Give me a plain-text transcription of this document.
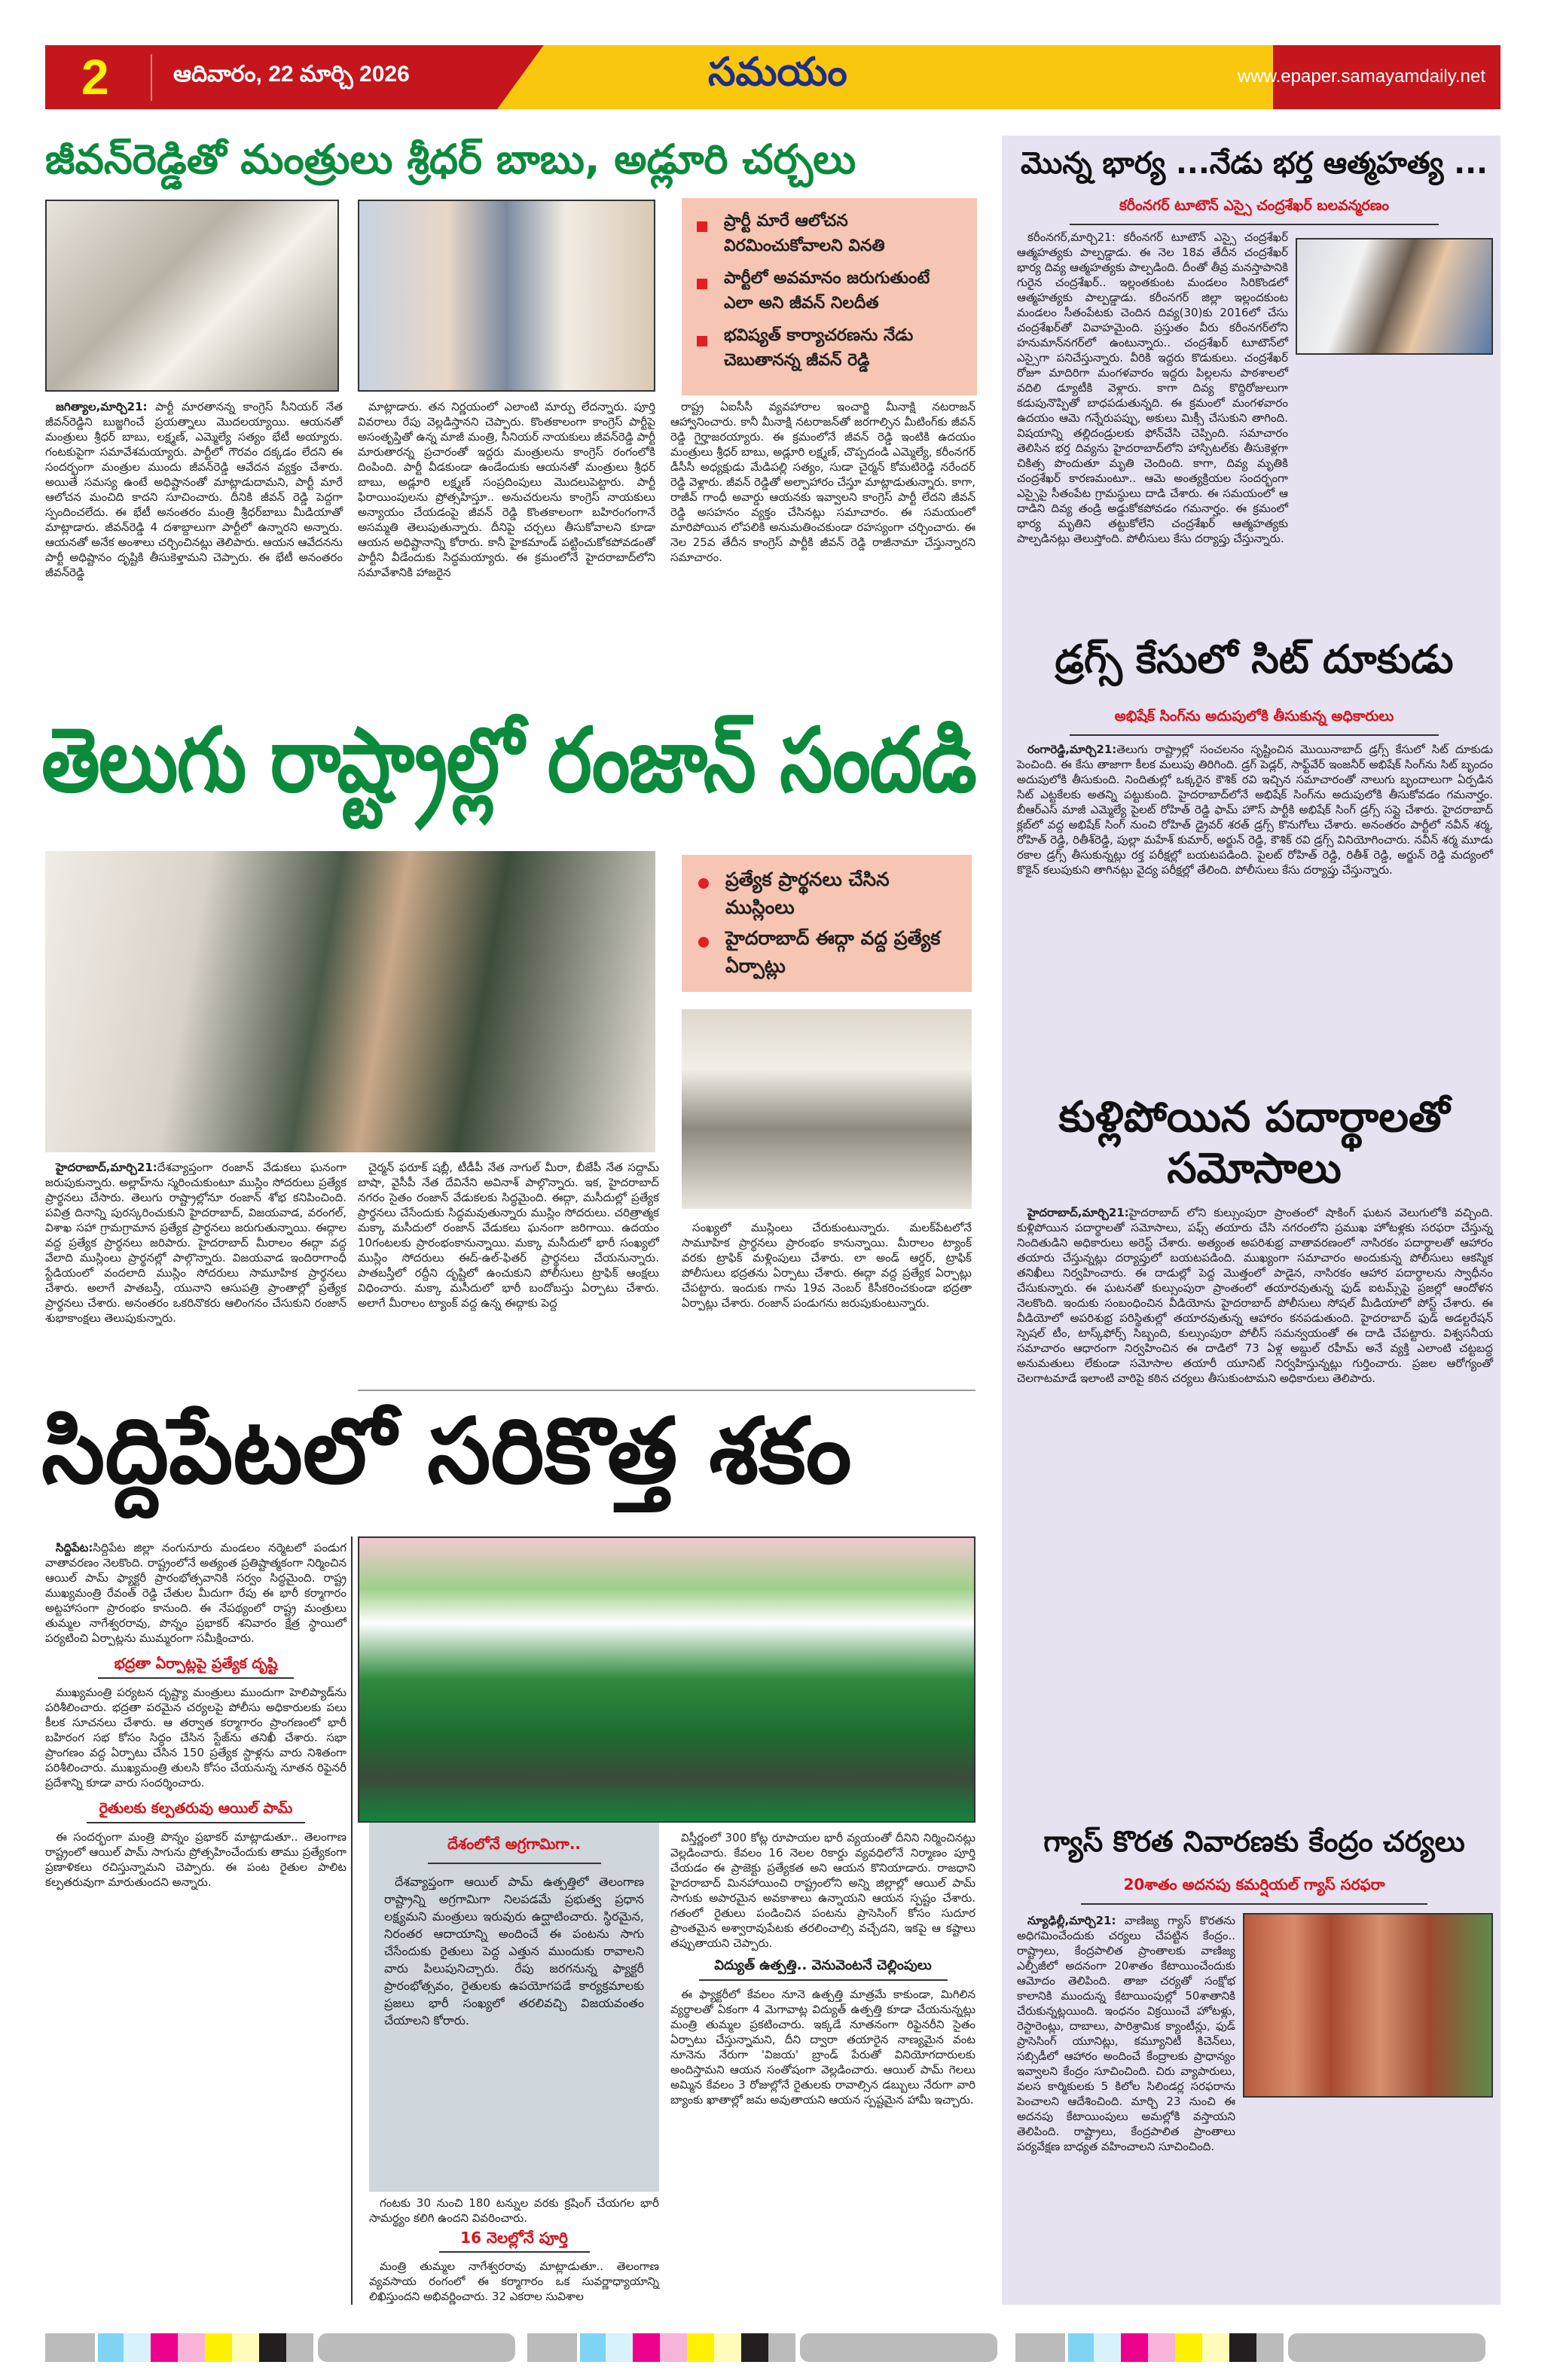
2	ఆదివారం, 22 మార్చి 2026	సమయం	www.epaper.samayamdaily.net
జీవన్‌రెడ్డితో మంత్రులు శ్రీధర్ బాబు, అడ్లూరి చర్చలు
ప్రార్టీ మారే ఆలోచన విరమించుకోవాలని వినతి
పార్టీలో అవమానం జరుగుతుంటే ఎలా అని జీవన్ నిలదీత
భవిష్యత్ కార్యాచరణను నేడు చెబుతానన్న జీవన్ రెడ్డి

జగిత్యాల,మార్చి21: పార్టీ మారతానన్న కాంగ్రెస్ సీనియర్ నేత జీవన్‌రెడ్డిని బుజ్జగించే ప్రయత్నాలు మొదలయ్యాయి. ఆయనతో మంత్రులు శ్రీధర్ బాబు, లక్ష్మణ్, ఎమ్మెల్యే సత్యం భేటీ అయ్యారు. గంటకుపైగా సమావేశమయ్యారు. పార్టీలో గౌరవం దక్కడం లేదని ఈ సందర్భంగా మంత్రుల ముందు జీవన్‌రెడ్డి ఆవేదన వ్యక్తం చేశారు. అయితే సమస్య ఉంటే అధిష్టానంతో మాట్లాడుదామని, పార్టీ మారే ఆలోచన మంచిది కాదని సూచించారు. దీనికి జీవన్ రెడ్డి పెద్దగా స్పందించలేదు. ఈ భేటీ అనంతరం మంత్రి శ్రీధర్‌బాబు మీడియాతో మాట్లాడారు. జీవన్‌రెడ్డి 4 దశాబ్దాలుగా పార్టీలో ఉన్నారని అన్నారు. ఆయనతో అనేక అంశాలు చర్చించినట్లు తెలిపారు. ఆయన ఆవేదనను పార్టీ అధిష్టానం దృష్టికి తీసుకెళ్తామని చెప్పారు. ఈ భేటీ అనంతరం జీవన్‌రెడ్డి

మాట్లాడారు. తన నిర్ణయంలో ఎలాంటి మార్పు లేదన్నారు. పూర్తి వివరాలు రేపు వెల్లడిస్తానని చెప్పారు. కొంతకాలంగా కాంగ్రెస్ పార్టీపై అసంతృప్తితో ఉన్న మాజీ మంత్రి, సీనియర్ నాయకులు జీవన్‌రెడ్డి పార్టీ మారుతారన్న ప్రచారంతో ఇద్దరు మంత్రులను కాంగ్రెస్ రంగంలోకి దింపింది. పార్టీ వీడకుండా ఉండేందుకు ఆయనతో మంత్రులు శ్రీధర్ బాబు, అడ్లూరి లక్ష్మణ్ సంప్రదింపులు మొదలుపెట్టారు. పార్టీ ఫిరాయింపులను ప్రోత్సహిస్తూ.. అనుచరులను కాంగ్రెస్ నాయకులు అన్యాయం చేయడంపై జీవన్ రెడ్డి కొంతకాలంగా బహిరంగంగానే అసమ్మతి తెలుపుతున్నారు. దీనిపై చర్చలు తీసుకోవాలని కూడా ఆయన అధిష్టానాన్ని కోరారు. కానీ హైకమాండ్ పట్టించుకోకపోవడంతో పార్టీని వీడేందుకు సిద్ధమయ్యారు. ఈ క్రమంలోనే హైదరాబాద్‌లోని సమావేశానికి హాజరైన

రాష్ట్ర ఏఐసీసీ వ్యవహారాల ఇంచార్జి మీనాక్షి నటరాజన్ ఆహ్వానించారు. కానీ మీనాక్షి నటరాజన్‌తో జరగాల్సిన మీటింగ్‌కు జీవన్ రెడ్డి గైర్హాజరయ్యారు. ఈ క్రమంలోనే జీవన్ రెడ్డి ఇంటికి ఉదయం మంత్రులు శ్రీధర్ బాబు, అడ్లూరి లక్ష్మణ్, చొప్పదండి ఎమ్మెల్యే, కరీంనగర్ డీసీసీ అధ్యక్షుడు మేడిపల్లి సత్యం, సుడా చైర్మన్ కోమటిరెడ్డి నరేందర్ రెడ్డి వెళ్లారు. జీవన్ రెడ్డితో అల్పాహారం చేస్తూ మాట్లాడుతున్నారు. కాగా, రాజీవ్ గాంధీ అవార్డు ఆయనకు ఇవ్వాలని కాంగ్రెస్ పార్టీ లేదని జీవన్ రెడ్డి అసహనం వ్యక్తం చేసినట్లు సమాచారం. ఈ సమయంలో మారిపోయిన లోపలికి అనుమతించకుండా రహస్యంగా చర్చించారు. ఈ నెల 25వ తేదీన కాంగ్రెస్ పార్టీకి జీవన్ రెడ్డి రాజీనామా చేస్తున్నారని సమాచారం.

తెలుగు రాష్ట్రాల్లో రంజాన్ సందడి
ప్రత్యేక ప్రార్థనలు చేసిన ముస్లింలు
హైదరాబాద్ ఈద్గా వద్ద ప్రత్యేక ఏర్పాట్లు

హైదరాబాద్,మార్చి21:దేశవ్యాప్తంగా రంజాన్ వేడుకలు ఘనంగా జరుపుకున్నారు. అల్లాహ్‌ను స్మరించుకుంటూ ముస్లిం సోదరులు ప్రత్యేక ప్రార్థనలు చేసారు. తెలుగు రాష్ట్రాల్లోనూ రంజాన్ శోభ కనిపించింది. పవిత్ర దినాన్ని పురస్కరించుకుని హైదరాబాద్, విజయవాడ, వరంగల్, విశాఖ సహా గ్రామగ్రామాన ప్రత్యేక ప్రార్థనలు జరుగుతున్నాయి. ఈద్గాల వద్ద ప్రత్యేక ప్రార్థనలు జరిపారు. హైదరాబాద్ మీరాలం ఈద్గా వద్ద వేలాది ముస్లింలు ప్రార్థనల్లో పాల్గొన్నారు. విజయవాడ ఇందిరాగాంధీ స్టేడియంలో వందలాది ముస్లిం సోదరులు సామూహిక ప్రార్థనలు చేశారు. అలాగే పాతబస్తీ, యునాని ఆసుపత్రి ప్రాంతాల్లో ప్రత్యేక ప్రార్థనలు చేశారు. అనంతరం ఒకరినొకరు ఆలింగనం చేసుకుని రంజాన్ శుభాకాంక్షలు తెలుపుకున్నారు.

చైర్మన్ ఫరూక్ షబ్లీ, టీడీపీ నేత నాగుల్ మీరా, బీజేపీ నేత సద్దామ్ బాషా, వైసీపీ నేత దేవినేని అవినాశ్ పాల్గొన్నారు. ఇక, హైదరాబాద్ నగరం సైతం రంజాన్ వేడుకలకు సిద్ధమైంది. ఈద్గా, మసీదుల్లో ప్రత్యేక ప్రార్థనలు చేసేందుకు సిద్ధమవుతున్నారు ముస్లిం సోదరులు. చరిత్రాత్మక మక్కా మసీదులో రంజాన్ వేడుకలు ఘనంగా జరిగాయి. ఉదయం 10గంటలకు ప్రారంభంకానున్నాయి. మక్కా మసీదులో భారీ సంఖ్యలో ముస్లిం సోదరులు ఈద్-ఉల్-ఫితర్ ప్రార్థనలు చేయనున్నారు. పాతబస్తీలో రద్దీని దృష్టిలో ఉంచుకుని పోలీసులు ట్రాఫిక్ ఆంక్షలు విధించారు. మక్కా మసీదులో భారీ బందోబస్తు ఏర్పాటు చేశారు. అలాగే మీరాలం ట్యాంక్ వద్ద ఉన్న ఈద్గాకు పెద్ద

సంఖ్యలో ముస్లింలు చేరుకుంటున్నారు. మలక్‌పేటలోనే సామూహిక ప్రార్థనలు ప్రారంభం కానున్నాయి. మీరాలం ట్యాంక్ వరకు ట్రాఫిక్ మళ్లింపులు చేశారు. లా అండ్ ఆర్డర్, ట్రాఫిక్ పోలీసులు భద్రతను ఏర్పాటు చేశారు. ఈద్గా వద్ద ప్రత్యేక ఏర్పాట్లు చేపట్టారు. ఇందుకు గాను 19వ నెంబర్ కిసీకరించకుండా భద్రతా ఏర్పాట్లు చేశారు. రంజాన్ పండుగను జరుపుకుంటున్నారు.

సిద్దిపేటలో సరికొత్త శకం

సిద్దిపేట:సిద్దిపేట జిల్లా నంగునూరు మండలం నర్మెటలో పండుగ వాతావరణం నెలకొంది. రాష్ట్రంలోనే అత్యంత ప్రతిష్టాత్మకంగా నిర్మించిన ఆయిల్ పామ్ ఫ్యాక్టరీ ప్రారంభోత్సవానికి సర్వం సిద్ధమైంది. రాష్ట్ర ముఖ్యమంత్రి రేవంత్ రెడ్డి చేతుల మీదుగా రేపు ఈ భారీ కర్మాగారం అట్టహాసంగా ప్రారంభం కానుంది. ఈ నేపథ్యంలో రాష్ట్ర మంత్రులు తుమ్మల నాగేశ్వరరావు, పొన్నం ప్రభాకర్ శనివారం క్షేత్ర స్థాయిలో పర్యటించి ఏర్పాట్లను ముమ్మరంగా సమీక్షించారు.

భద్రతా ఏర్పాట్లపై ప్రత్యేక దృష్టి

ముఖ్యమంత్రి పర్యటన దృష్ట్యా మంత్రులు ముందుగా హెలిప్యాడ్‌ను పరిశీలించారు. భద్రతా పరమైన చర్యలపై పోలీసు అధికారులకు పలు కీలక సూచనలు చేశారు. ఆ తర్వాత కర్మాగారం ప్రాంగణంలో భారీ బహిరంగ సభ కోసం సిద్ధం చేసిన స్టేజ్‌ను తనిఖీ చేశారు. సభా ప్రాంగణం వద్ద ఏర్పాటు చేసిన 150 ప్రత్యేక స్టాళ్లను వారు నిశితంగా పరిశీలించారు. ముఖ్యమంత్రి తులసి కోసం చేయనున్న నూతన రిఫైనరీ ప్రదేశాన్ని కూడా వారు సందర్శించారు.

రైతులకు కల్పతరువు ఆయిల్ పామ్

ఈ సందర్భంగా మంత్రి పొన్నం ప్రభాకర్ మాట్లాడుతూ.. తెలంగాణ రాష్ట్రంలో ఆయిల్ పామ్ సాగును ప్రోత్సహించేందుకు తాము ప్రత్యేకంగా ప్రణాళికలు రచిస్తున్నామని చెప్పారు. ఈ పంట రైతుల పాలిట కల్పతరువుగా మారుతుందని అన్నారు.

దేశంలోనే అగ్రగామిగా..

దేశవ్యాప్తంగా ఆయిల్ పామ్ ఉత్పత్తిలో తెలంగాణ రాష్ట్రాన్ని అగ్రగామిగా నిలపడమే ప్రభుత్వ ప్రధాన లక్ష్యమని మంత్రులు ఇరువురు ఉద్ఘాటించారు. స్థిరమైన, నిరంతర ఆదాయాన్ని అందించే ఈ పంటను సాగు చేసేందుకు రైతులు పెద్ద ఎత్తున ముందుకు రావాలని వారు పిలుపునిచ్చారు. రేపు జరగనున్న ఫ్యాక్టరీ ప్రారంభోత్సవం, రైతులకు ఉపయోగపడే కార్యక్రమాలకు ప్రజలు భారీ సంఖ్యలో తరలివచ్చి విజయవంతం చేయాలని కోరారు.

గంటకు 30 నుంచి 180 టన్నుల వరకు క్రషింగ్ చేయగల భారీ సామర్థ్యం కలిగి ఉందని వివరించారు.

16 నెలల్లోనే పూర్తి

మంత్రి తుమ్మల నాగేశ్వరరావు మాట్లాడుతూ.. తెలంగాణ వ్యవసాయ రంగంలో ఈ కర్మాగారం ఒక సువర్ణాధ్యాయాన్ని లిఖిస్తుందని అభివర్ణించారు. 32 ఎకరాల సువిశాల

విస్తీర్ణంలో 300 కోట్ల రూపాయల భారీ వ్యయంతో దీనిని నిర్మించినట్లు వెల్లడించారు. కేవలం 16 నెలల రికార్డు వ్యవధిలోనే నిర్మాణం పూర్తి చేయడం ఈ ప్రాజెక్టు ప్రత్యేకత అని ఆయన కొనియాడారు. రాజధాని హైదరాబాద్ మినహాయించి రాష్ట్రంలోని అన్ని జిల్లాల్లో ఆయిల్ పామ్ సాగుకు అపారమైన అవకాశాలు ఉన్నాయని ఆయన స్పష్టం చేశారు. గతంలో రైతులు పండించిన పంటను ప్రాసెసింగ్ కోసం సుదూర ప్రాంతమైన అశ్వారావుపేటకు తరలించాల్సి వచ్చేదని, ఇకపై ఆ కష్టాలు తప్పుతాయని చెప్పారు.

విద్యుత్ ఉత్పత్తి.. వెనువెంటనే చెల్లింపులు

ఈ ఫ్యాక్టరీలో కేవలం నూనె ఉత్పత్తి మాత్రమే కాకుండా, మిగిలిన వ్యర్థాలతో ఏకంగా 4 మెగావాట్ల విద్యుత్ ఉత్పత్తి కూడా చేయనున్నట్లు మంత్రి తుమ్మల ప్రకటించారు. ఇక్కడే నూతనంగా రిఫైనరీని సైతం ఏర్పాటు చేస్తున్నామని, దీని ద్వారా తయారైన నాణ్యమైన వంట నూనెను నేరుగా 'విజయ' బ్రాండ్ పేరుతో వినియోగదారులకు అందిస్తామని ఆయన సంతోషంగా వెల్లడించారు. ఆయిల్ పామ్ గెలలు అమ్మిన కేవలం 3 రోజుల్లోనే రైతులకు రావాల్సిన డబ్బులు నేరుగా వారి బ్యాంకు ఖాతాల్లో జమ అవుతాయని ఆయన స్పష్టమైన హామీ ఇచ్చారు.

మొన్న భార్య ...నేడు భర్త ఆత్మహత్య ...
కరీంనగర్ టూటౌన్ ఎస్సై చంద్రశేఖర్ బలవన్మరణం

కరీంనగర్,మార్చి21: కరీంనగర్ టూటౌన్ ఎస్సై చంద్రశేఖర్ ఆత్మహత్యకు పాల్పడ్డాడు. ఈ నెల 18వ తేదీన చంద్రశేఖర్ భార్య దివ్య ఆత్మహత్యకు పాల్పడింది. దీంతో తీవ్ర మనస్తాపానికి గురైన చంద్రశేఖర్.. ఇల్లంతకుంట మండలం సిరికొండలో ఆత్మహత్యకు పాల్పడ్డాడు. కరీంనగర్ జిల్లా ఇల్లందకుంట మండలం సీతంపేటకు చెందిన దివ్య(30)కు 2016లో చేసు చంద్రశేఖర్‌తో వివాహమైంది. ప్రస్తుతం వీరు కరీంనగర్‌లోని హనుమాన్‌నగర్‌లో ఉంటున్నారు.. చంద్రశేఖర్ టూటౌన్‌లో ఎస్సైగా పనిచేస్తున్నారు. వీరికి ఇద్దరు కొడుకులు. చంద్రశేఖర్ రోజూ మాదిరిగా మంగళవారం ఇద్దరు పిల్లలను పాఠశాలలో వదిలి డ్యూటీకి వెళ్లారు. కాగా దివ్య కొద్దిరోజులుగా కడుపునొప్పితో బాధపడుతున్నది. ఈ క్రమంలో మంగళవారం ఉదయం ఆమె గన్నేరుపప్పు, అకులు మిక్సీ చేసుకుని తాగింది. విషయాన్ని తల్లిదండ్రులకు ఫోన్‌చేసి చెప్పింది. సమాచారం తెలిసిన భర్త దివ్యను హైదరాబాద్‌లోని హాస్పిటల్‌కు తీసుకెళ్లగా చికిత్స పొందుతూ మృతి చెందింది. కాగా, దివ్య మృతికి చంద్రశేఖర్ కారణమంటూ.. ఆమె అంత్యక్రియల సందర్భంగా ఎస్సైపై సీతంపేట గ్రామస్థులు దాడి చేశారు. ఈ సమయంలో ఆ దాడిని దివ్య తండ్రి అడ్డుకోకపోవడం గమనార్హం. ఈ క్రమంలో భార్య మృతిని తట్టుకోలేని చంద్రశేఖర్ ఆత్మహత్యకు పాల్పడినట్లు తెలుస్తోంది. పోలీసులు కేసు దర్యాప్తు చేస్తున్నారు.

డ్రగ్స్ కేసులో సిట్ దూకుడు
అభిషేక్ సింగ్‌ను అదుపులోకి తీసుకున్న అధికారులు

రంగారెడ్డి,మార్చి21:తెలుగు రాష్ట్రాల్లో సంచలనం సృష్టించిన మొయినాబాద్ డ్రగ్స్ కేసులో సిట్ దూకుడు పెంచింది. ఈ కేసు తాజాగా కీలక మలుపు తిరిగింది. డ్రగ్ పెడ్లర్, సాఫ్ట్‌వేర్ ఇంజనీర్ అభిషేక్ సింగ్‌ను సిట్ బృందం అదుపులోకి తీసుకుంది. నిందితుల్లో ఒక్కరైన కౌశిక్ రవి ఇచ్చిన సమాచారంతో నాలుగు బృందాలుగా ఏర్పడిన సిట్ ఎట్టకేలకు అతన్ని పట్టుకుంది. హైదరాబాద్‌లోనే అభిషేక్ సింగ్‌ను అదుపులోకి తీసుకోవడం గమనార్హం. బీఆర్ఎస్ మాజీ ఎమ్మెల్యే పైలట్ రోహిత్ రెడ్డి ఫామ్ హౌస్ పార్టీకి అభిషేక్ సింగ్ డ్రగ్స్ సప్లై చేశారు. హైదరాబాద్ క్లబ్‌లో వద్ద అభిషేక్ సింగ్ నుంచి రోహిత్ డ్రైవర్ శరత్ డ్రగ్స్ కొనుగోలు చేశారు. అనంతరం పార్టీలో నవీన్ శర్మ, రోహిత్ రెడ్డి, రితీశ్‌రెడ్డి, పుల్లా మహేశ్ కుమార్, అర్జున్ రెడ్డి, కౌశిక్ రవి డ్రగ్స్ వినియోగించారు. నవీన్ శర్మ మూడు రకాల డ్రగ్స్ తీసుకున్నట్లు రక్త పరీక్షల్లో బయటపడింది. పైలట్ రోహిత్ రెడ్డి, రితీశ్ రెడ్డి, అర్జున్ రెడ్డి మద్యంలో కొకైన్ కలుపుకుని తాగినట్లు వైద్య పరీక్షల్లో తేలింది. పోలీసులు కేసు దర్యాప్తు చేస్తున్నారు.

కుళ్లిపోయిన పదార్థాలతో సమోసాలు

హైదరాబాద్,మార్చి21:హైదరాబాద్ లోని కుల్సుంపురా ప్రాంతంలో షాకింగ్ ఘటన వెలుగులోకి వచ్చింది. కుళ్లిపోయిన పదార్థాలతో సమోసాలు, పఫ్స్ తయారు చేసి నగరంలోని ప్రముఖ హోటళ్లకు సరఫరా చేస్తున్న నిందితుడిని అధికారులు అరెస్ట్ చేశారు. అత్యంత అపరిశుభ్ర వాతావరణంలో నాసిరకం పదార్థాలతో ఆహారం తయారు చేస్తున్నట్లు దర్యాప్తులో బయటపడింది. ముఖ్యంగా సమాచారం అందుకున్న పోలీసులు ఆకస్మిక తనిఖీలు నిర్వహించారు. ఈ దాడుల్లో పెద్ద మొత్తంలో పాడైన, నాసిరకం ఆహార పదార్థాలను స్వాధీనం చేసుకున్నారు. ఈ ఘటనతో కుల్సుంపురా ప్రాంతంలో తయారవుతున్న ఫుడ్ ఐటమ్స్‌పై ప్రజల్లో ఆందోళన నెలకొంది. ఇందుకు సంబంధించిన వీడియోను హైదరాబాద్ పోలీసులు సోషల్ మీడియాలో పోస్ట్ చేశారు. ఈ వీడియోలో అపరిశుభ్ర పరిస్థితుల్లో తయారవుతున్న ఆహారం కనపడుతుంది. హైదరాబాద్ ఫుడ్ అడల్టరేషన్ స్పెషల్ టీం, టాస్క్‌ఫోర్స్ సిబ్బంది, కుల్సుంపురా పోలీస్ సమన్వయంతో ఈ దాడి చేపట్టారు. విశ్వసనీయ సమాచారం ఆధారంగా నిర్వహించిన ఈ దాడిలో 73 ఏళ్ల అబ్దుల్ రహీమ్ అనే వ్యక్తి ఎలాంటి చట్టబద్ధ అనుమతులు లేకుండా సమోసాల తయారీ యూనిట్ నిర్వహిస్తున్నట్లు గుర్తించారు. ప్రజల ఆరోగ్యంతో చెలగాటమాడే ఇలాంటి వారిపై కఠిన చర్యలు తీసుకుంటామని అధికారులు తెలిపారు.

గ్యాస్ కొరత నివారణకు కేంద్రం చర్యలు
20శాతం అదనపు కమర్షియల్ గ్యాస్ సరఫరా

న్యూఢిల్లీ,మార్చి21: వాణిజ్య గ్యాస్ కొరతను అధిగమించేందుకు చర్యలు చేపట్టిన కేంద్రం.. రాష్ట్రాలు, కేంద్రపాలిత ప్రాంతాలకు వాణిజ్య ఎల్పీజీలో అదనంగా 20శాతం కేటాయించేందుకు ఆమోదం తెలిపింది. తాజా చర్యతో సంక్షోభ కాలానికి ముందున్న కేటాయింపుల్లో 50శాతానికి చేరుకున్నట్లయింది. ఇంధనం విక్రయించే హోటళ్లు, రెస్టారెంట్లు, దాబాలు, పారిశ్రామిక క్యాంటీన్లు, ఫుడ్ ప్రాసెసింగ్ యూనిట్లు, కమ్యూనిటీ కిచెన్‌లు, సబ్సిడీలో ఆహారం అందించే కేంద్రాలకు ప్రాధాన్యం ఇవ్వాలని కేంద్రం సూచించింది. చిరు వ్యాపారులు, వలస కార్మికులకు 5 కిలోల సిలిండర్ల సరఫరాను పెంచాలని ఆదేశించింది. మార్చి 23 నుంచి ఈ అదనపు కేటాయింపులు అమల్లోకి వస్తాయని తెలిపింది. రాష్ట్రాలు, కేంద్రపాలిత ప్రాంతాలు పర్యవేక్షణ బాధ్యత వహించాలని సూచించింది.
